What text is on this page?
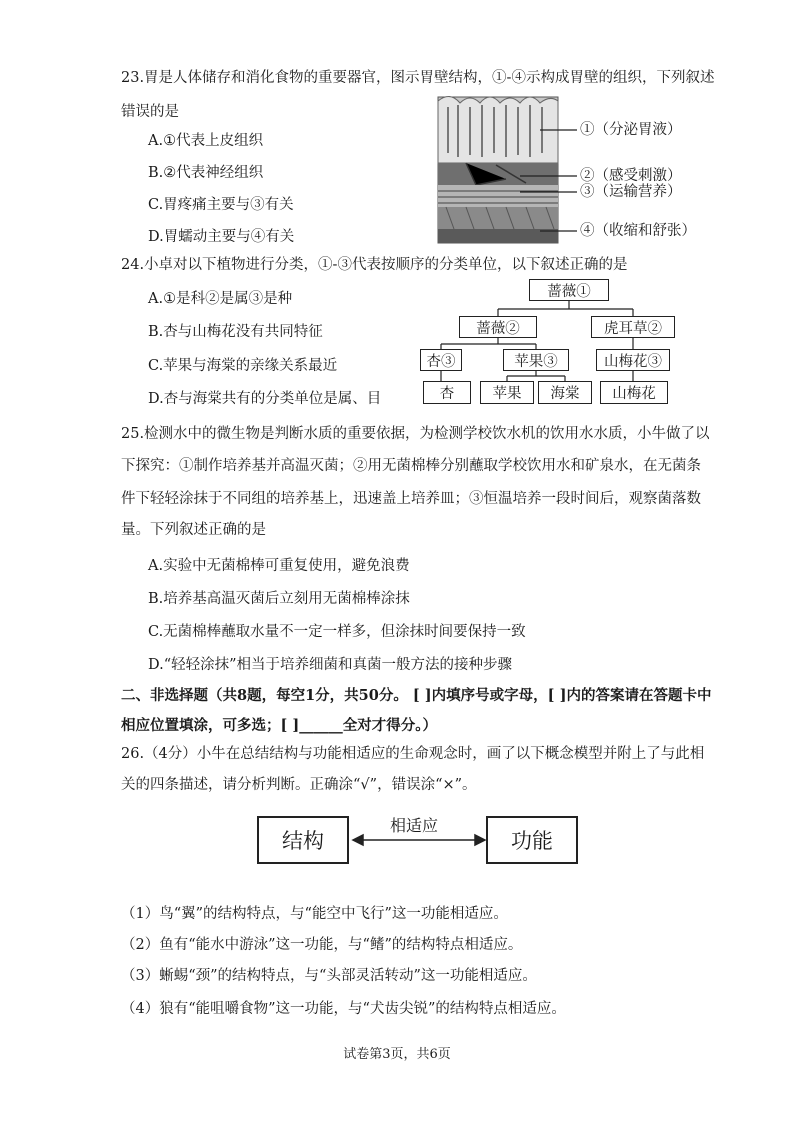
23.胃是人体储存和消化食物的重要器官，图示胃壁结构，①-④示构成胃壁的组织，下列叙述
错误的是
A.①代表上皮组织
B.②代表神经组织
C.胃疼痛主要与③有关
D.胃蠕动主要与④有关
①（分泌胃液）
②（感受刺激）
③（运输营养）
④（收缩和舒张）
24.小卓对以下植物进行分类，①-③代表按顺序的分类单位，以下叙述正确的是
A.①是科②是属③是种
B.杏与山梅花没有共同特征
C.苹果与海棠的亲缘关系最近
D.杏与海棠共有的分类单位是属、目
蔷薇①
蔷薇②	虎耳草②
杏③	苹果③	山梅花③
杏	苹果	海棠	山梅花
25.检测水中的微生物是判断水质的重要依据，为检测学校饮水机的饮用水水质，小牛做了以
下探究：①制作培养基并高温灭菌；②用无菌棉棒分别蘸取学校饮用水和矿泉水，在无菌条
件下轻轻涂抹于不同组的培养基上，迅速盖上培养皿；③恒温培养一段时间后，观察菌落数
量。下列叙述正确的是
A.实验中无菌棉棒可重复使用，避免浪费
B.培养基高温灭菌后立刻用无菌棉棒涂抹
C.无菌棉棒蘸取水量不一定一样多，但涂抹时间要保持一致
D.“轻轻涂抹”相当于培养细菌和真菌一般方法的接种步骤
二、非选择题（共8题，每空1分，共50分。 [ ]内填序号或字母，[ ]内的答案请在答题卡中
相应位置填涂，可多选；[ ]______全对才得分。）
26.（4分）小牛在总结结构与功能相适应的生命观念时，画了以下概念模型并附上了与此相
关的四条描述，请分析判断。正确涂“√”，错误涂“×”。
结构
相适应
功能
（1）鸟“翼”的结构特点，与“能空中飞行”这一功能相适应。
（2）鱼有“能水中游泳”这一功能，与“鳍”的结构特点相适应。
（3）蜥蜴“颈”的结构特点，与“头部灵活转动”这一功能相适应。
（4）狼有“能咀嚼食物”这一功能，与“犬齿尖锐”的结构特点相适应。
试卷第3页，共6页
